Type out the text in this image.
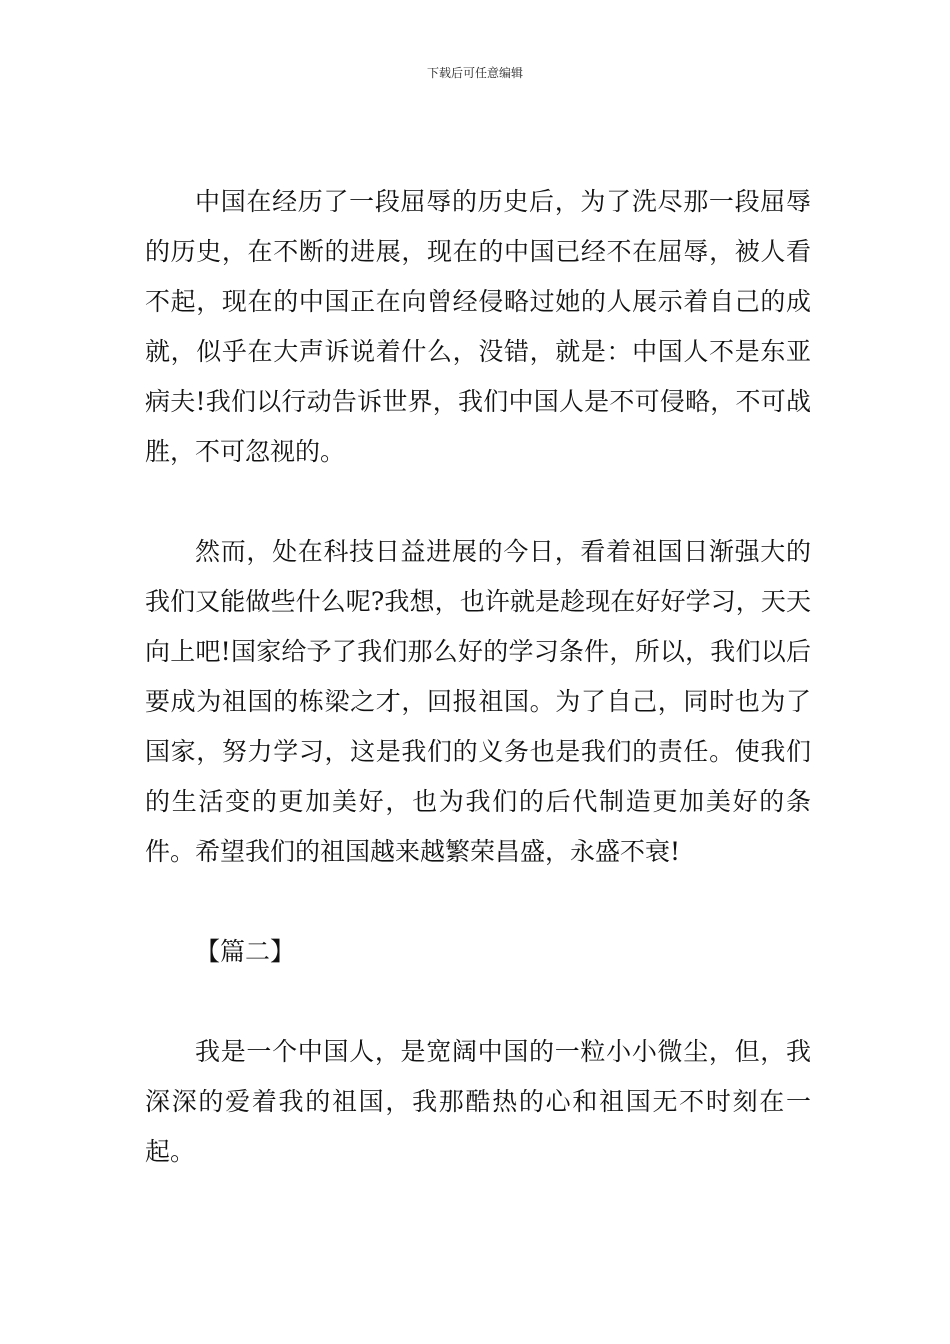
下载后可任意编辑

中国在经历了一段屈辱的历史后，为了洗尽那一段屈辱的历史，在不断的进展，现在的中国已经不在屈辱，被人看不起，现在的中国正在向曾经侵略过她的人展示着自己的成就，似乎在大声诉说着什么，没错，就是：中国人不是东亚病夫!我们以行动告诉世界，我们中国人是不可侵略，不可战胜，不可忽视的。

然而，处在科技日益进展的今日，看着祖国日渐强大的我们又能做些什么呢?我想，也许就是趁现在好好学习，天天向上吧!国家给予了我们那么好的学习条件，所以，我们以后要成为祖国的栋梁之才，回报祖国。为了自己，同时也为了国家，努力学习，这是我们的义务也是我们的责任。使我们的生活变的更加美好，也为我们的后代制造更加美好的条件。希望我们的祖国越来越繁荣昌盛，永盛不衰!

【篇二】

我是一个中国人，是宽阔中国的一粒小小微尘，但，我深深的爱着我的祖国，我那酷热的心和祖国无不时刻在一起。
